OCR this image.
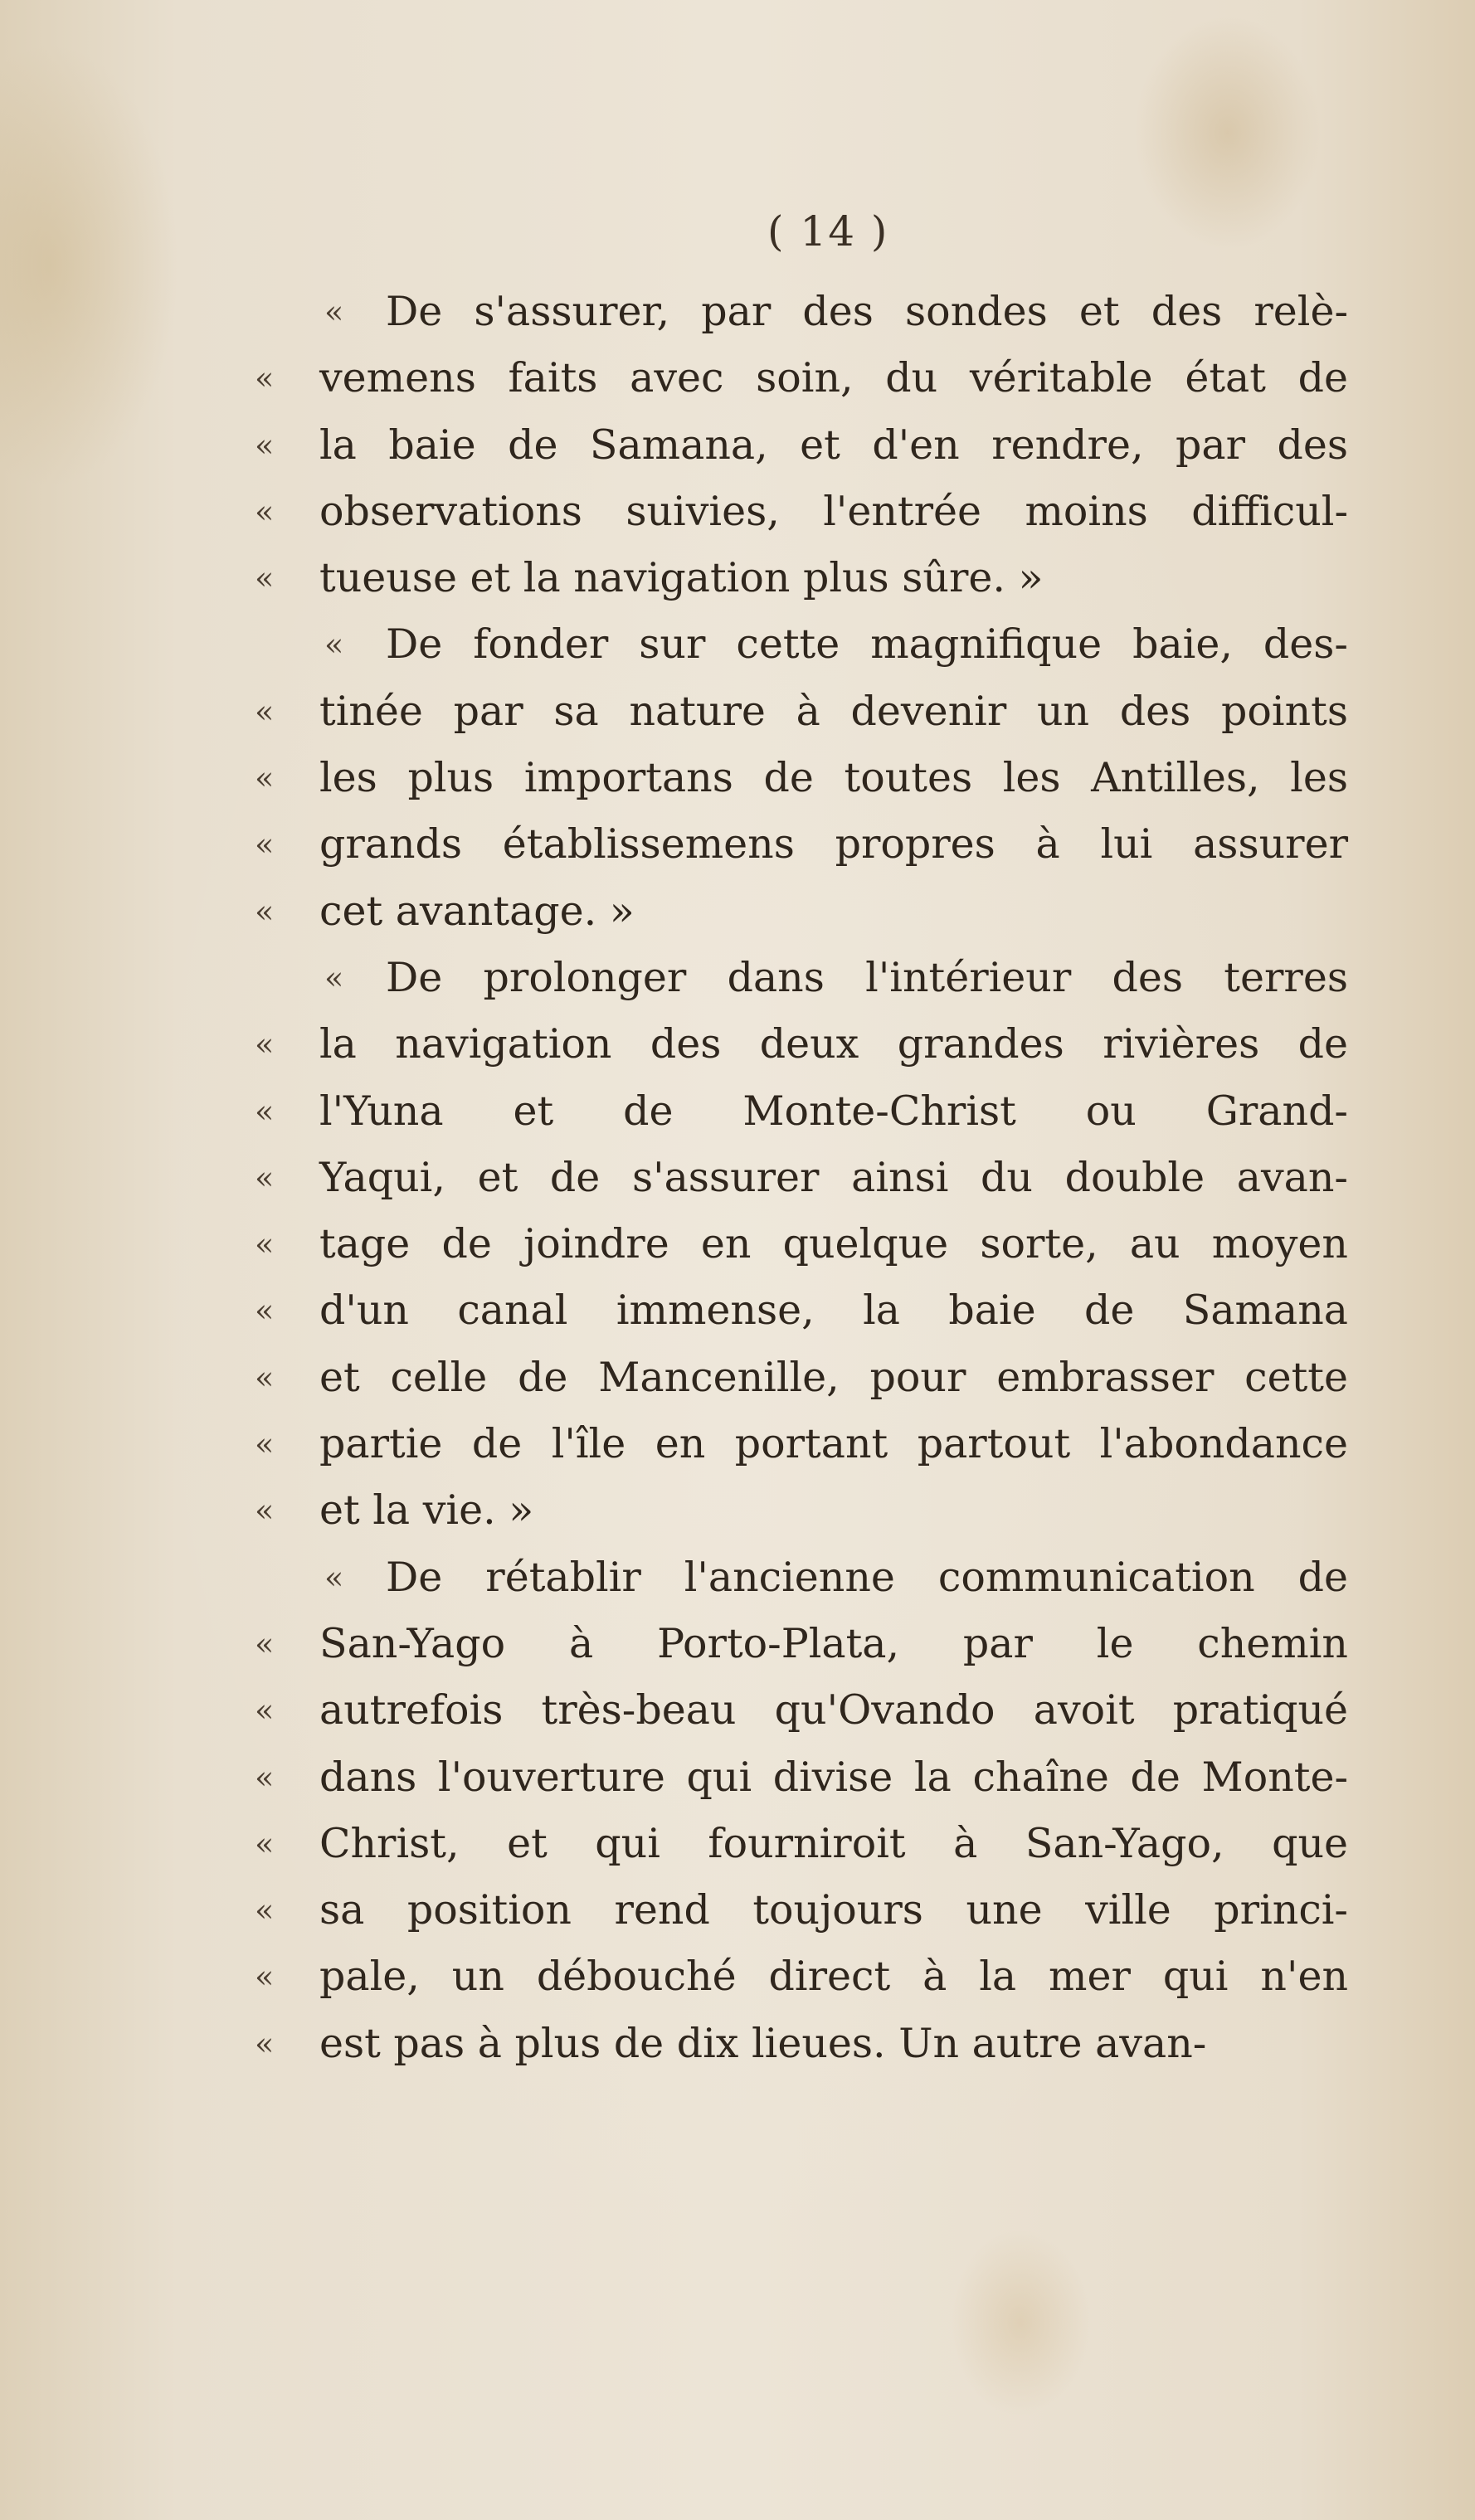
( 14 )
« De s'assurer, par des sondes et des relè-
« vemens faits avec soin, du véritable état de
« la baie de Samana, et d'en rendre, par des
« observations suivies, l'entrée moins difficul-
« tueuse et la navigation plus sûre. »
« De fonder sur cette magnifique baie, des-
« tinée par sa nature à devenir un des points
« les plus importans de toutes les Antilles, les
« grands établissemens propres à lui assurer
« cet avantage. »
« De prolonger dans l'intérieur des terres
« la navigation des deux grandes rivières de
« l'Yuna et de Monte-Christ ou Grand-
« Yaqui, et de s'assurer ainsi du double avan-
« tage de joindre en quelque sorte, au moyen
« d'un canal immense, la baie de Samana
« et celle de Mancenille, pour embrasser cette
« partie de l'île en portant partout l'abondance
« et la vie. »
« De rétablir l'ancienne communication de
« San-Yago à Porto-Plata, par le chemin
« autrefois très-beau qu'Ovando avoit pratiqué
« dans l'ouverture qui divise la chaîne de Monte-
« Christ, et qui fourniroit à San-Yago, que
« sa position rend toujours une ville princi-
« pale, un débouché direct à la mer qui n'en
« est pas à plus de dix lieues. Un autre avan-
